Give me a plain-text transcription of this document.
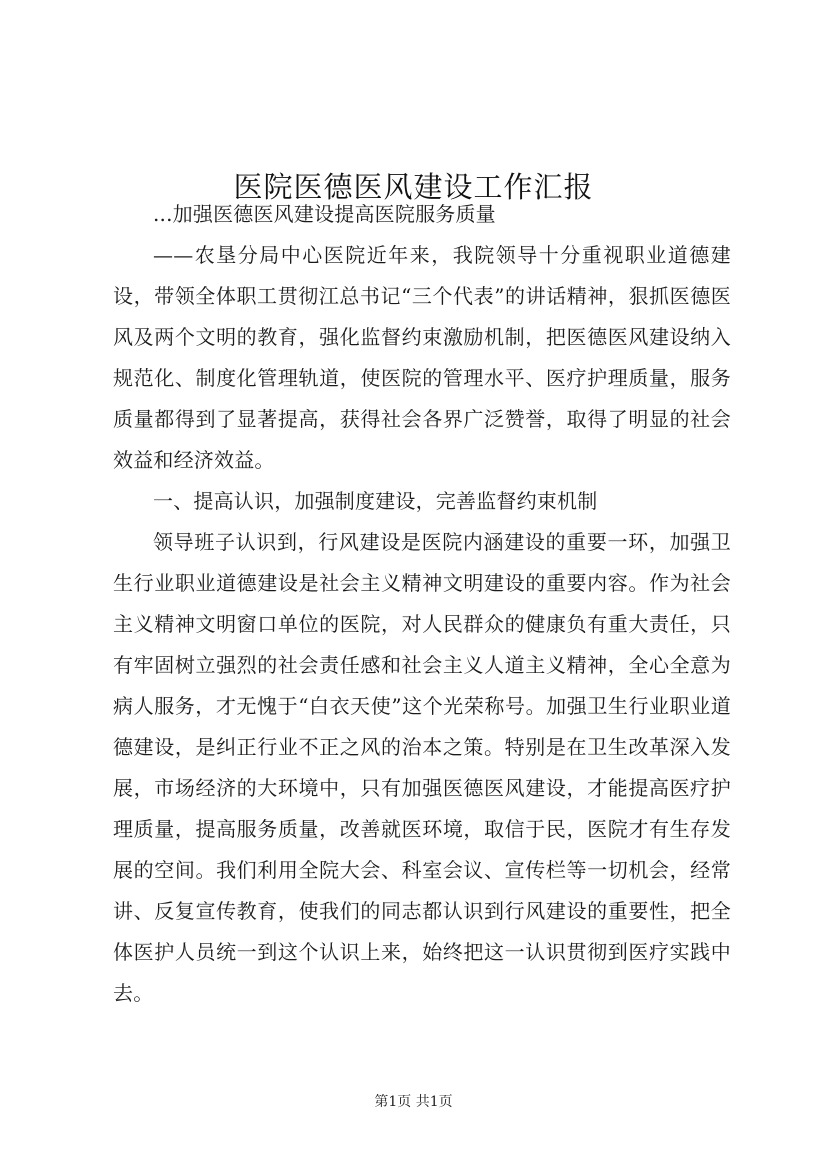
医院医德医风建设工作汇报

...加强医德医风建设提高医院服务质量

——农垦分局中心医院近年来，我院领导十分重视职业道德建设，带领全体职工贯彻江总书记“三个代表”的讲话精神，狠抓医德医风及两个文明的教育，强化监督约束激励机制，把医德医风建设纳入规范化、制度化管理轨道，使医院的管理水平、医疗护理质量，服务质量都得到了显著提高，获得社会各界广泛赞誉，取得了明显的社会效益和经济效益。

一、提高认识，加强制度建设，完善监督约束机制

领导班子认识到，行风建设是医院内涵建设的重要一环，加强卫生行业职业道德建设是社会主义精神文明建设的重要内容。作为社会主义精神文明窗口单位的医院，对人民群众的健康负有重大责任，只有牢固树立强烈的社会责任感和社会主义人道主义精神，全心全意为病人服务，才无愧于“白衣天使”这个光荣称号。加强卫生行业职业道德建设，是纠正行业不正之风的治本之策。特别是在卫生改革深入发展，市场经济的大环境中，只有加强医德医风建设，才能提高医疗护理质量，提高服务质量，改善就医环境，取信于民，医院才有生存发展的空间。我们利用全院大会、科室会议、宣传栏等一切机会，经常讲、反复宣传教育，使我们的同志都认识到行风建设的重要性，把全体医护人员统一到这个认识上来，始终把这一认识贯彻到医疗实践中去。

第1页 共1页
